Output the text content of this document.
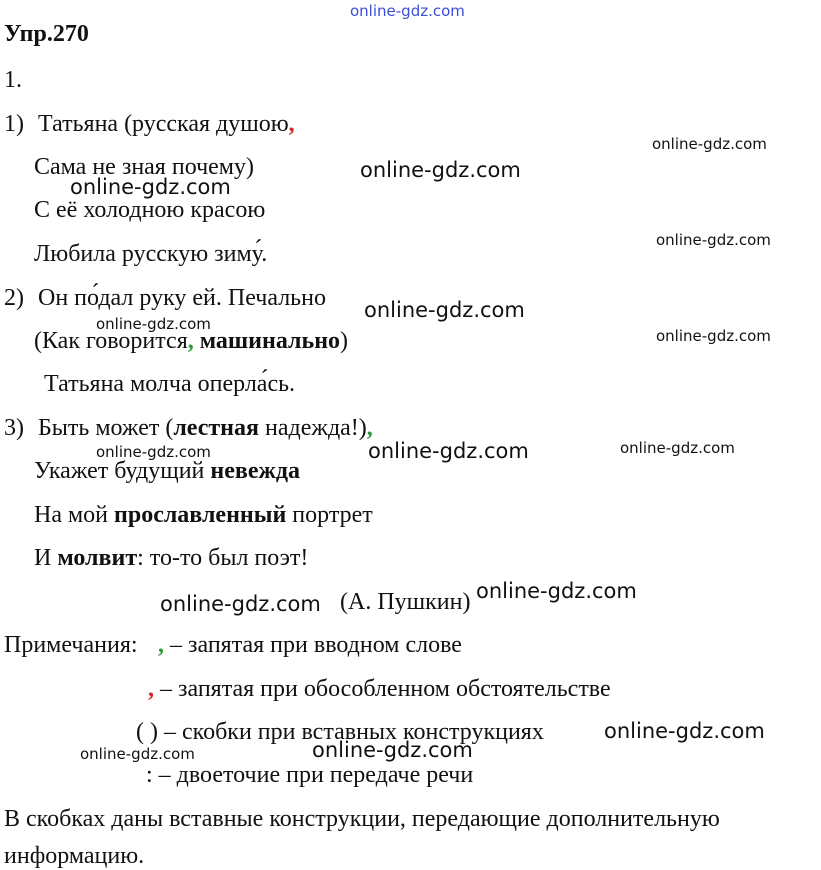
online-gdz.com
Упр.270
1.
1) Татьяна (русская душою,
Сама не зная почему)
С её холодною красою
Любила русскую зиму́.
2) Он по́дал руку ей. Печально
(Как говорится, машинально)
Татьяна молча оперла́сь.
3) Быть может (лестная надежда!),
Укажет будущий невежда
На мой прославленный портрет
И молвит: то-то был поэт!
(А. Пушкин)
Примечания: , – запятая при вводном слове
, – запятая при обособленном обстоятельстве
( ) – скобки при вставных конструкциях
: – двоеточие при передаче речи
В скобках даны вставные конструкции, передающие дополнительную
информацию.
online-gdz.com
online-gdz.com
online-gdz.com
online-gdz.com
online-gdz.com
online-gdz.com
online-gdz.com
online-gdz.com
online-gdz.com	online-gdz.com
online-gdz.com
online-gdz.com
online-gdz.com
online-gdz.com	online-gdz.com
